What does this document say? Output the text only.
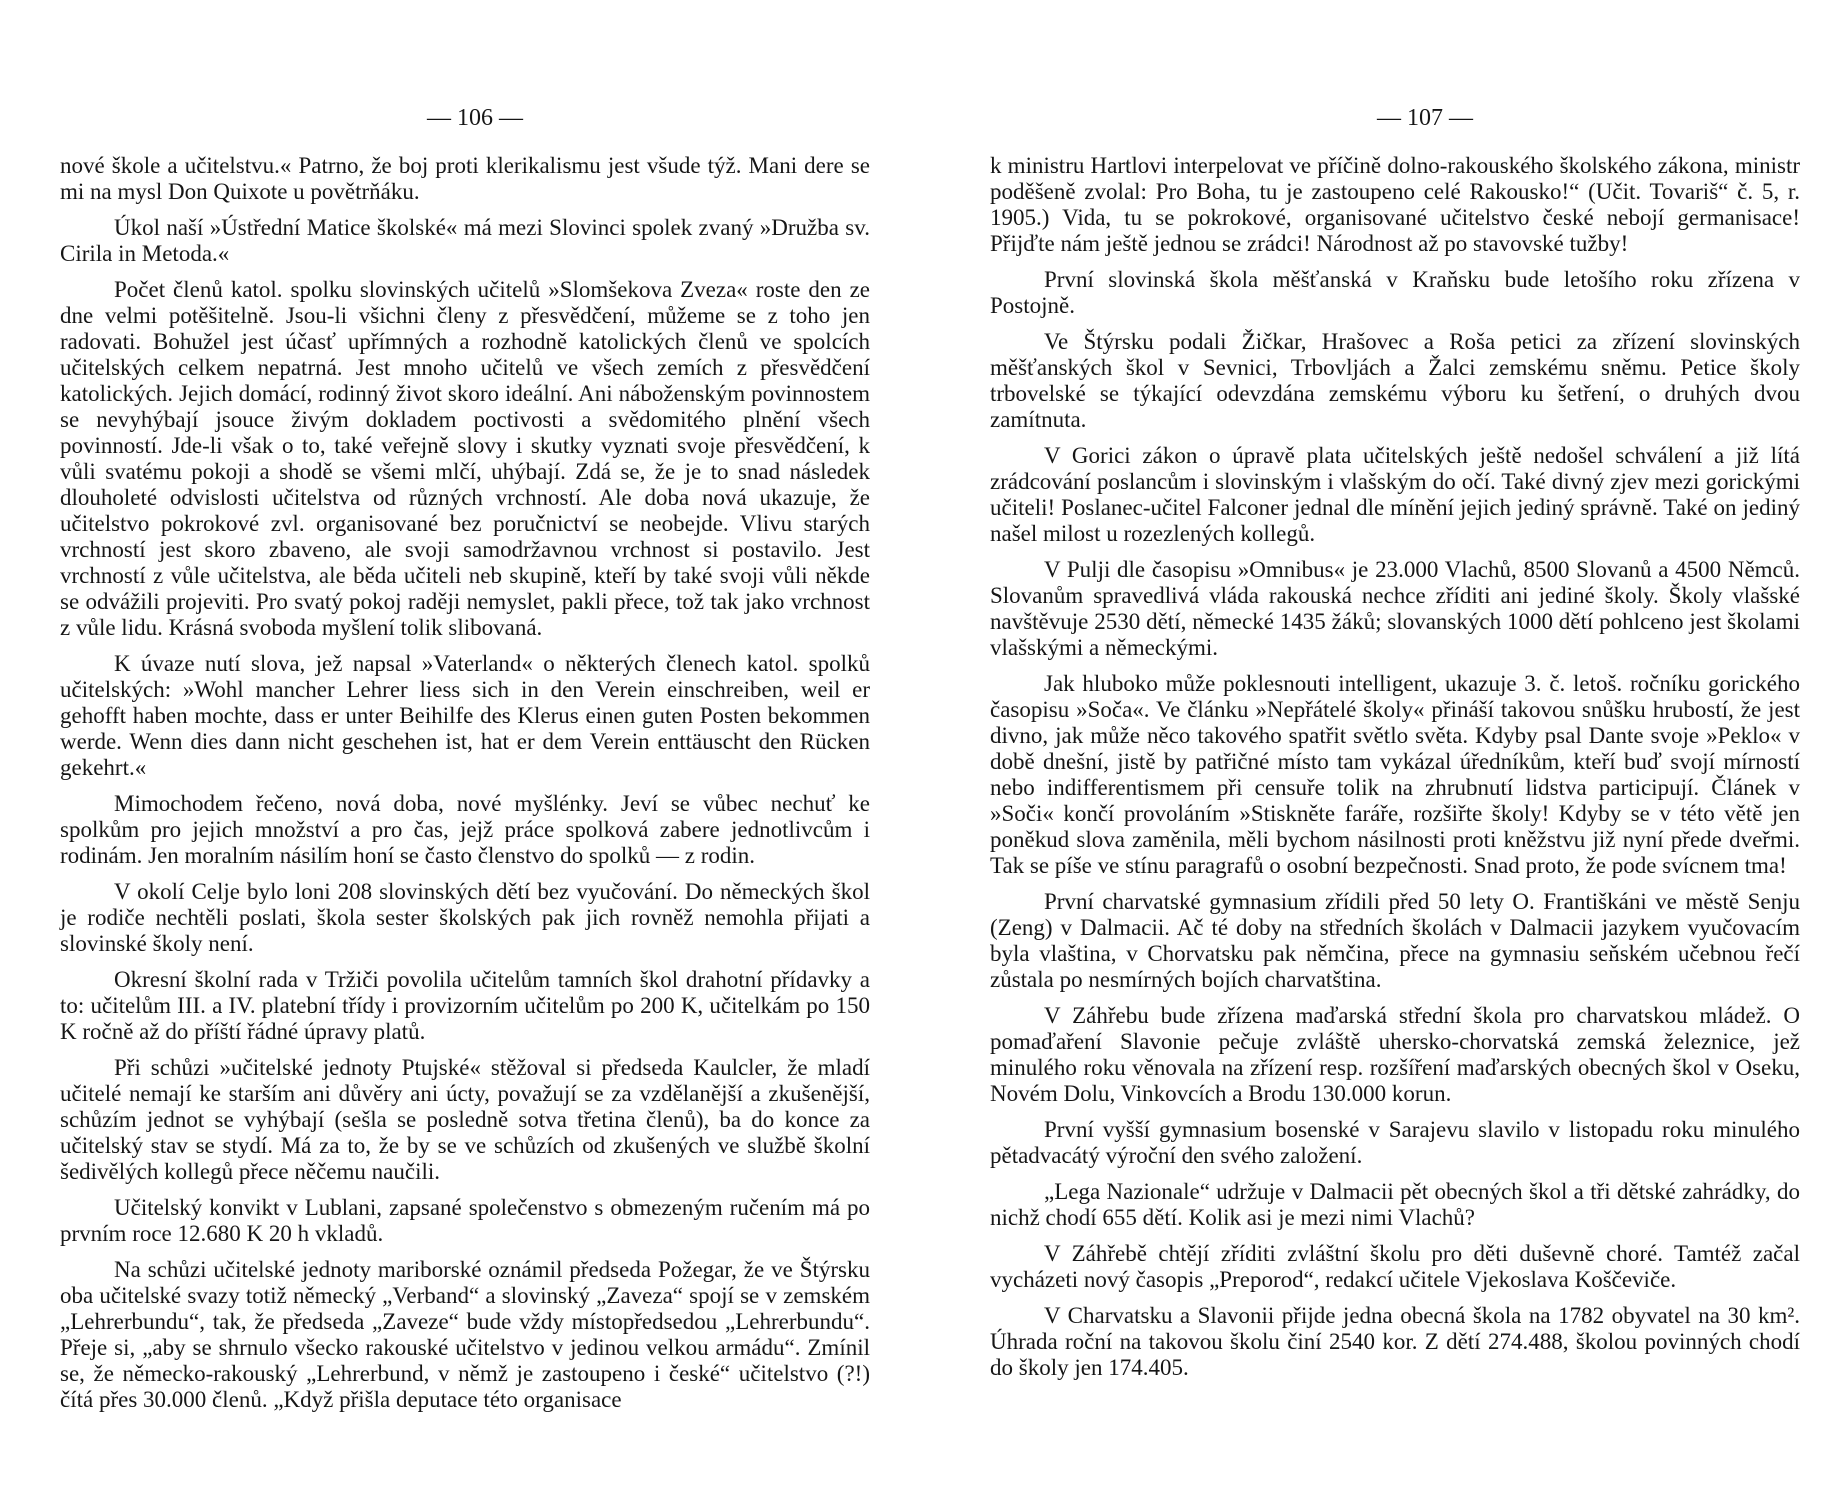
— 106 —

nové škole a učitelstvu.« Patrno, že boj proti klerikalismu jest všude týž. Mani dere se mi na mysl Don Quixote u povětrňáku.

Úkol naší »Ústřední Matice školské« má mezi Slovinci spolek zvaný »Družba sv. Cirila in Metoda.«

Počet členů katol. spolku slovinských učitelů »Slomšekova Zveza« roste den ze dne velmi potěšitelně. Jsou-li všichni členy z přesvědčení, můžeme se z toho jen radovati. Bohužel jest účasť upřímných a rozhodně katolických členů ve spolcích učitelských celkem nepatrná. Jest mnoho učitelů ve všech zemích z přesvědčení katolických. Jejich domácí, rodinný život skoro ideální. Ani náboženským povinnostem se nevyhýbají jsouce živým dokladem poctivosti a svědomitého plnění všech povinností. Jde-li však o to, také veřejně slovy i skutky vyznati svoje přesvědčení, k vůli svatému pokoji a shodě se všemi mlčí, uhýbají. Zdá se, že je to snad následek dlouholeté odvislosti učitelstva od různých vrchností. Ale doba nová ukazuje, že učitelstvo pokrokové zvl. organisované bez poručnictví se neobejde. Vlivu starých vrchností jest skoro zbaveno, ale svoji samodržavnou vrchnost si postavilo. Jest vrchností z vůle učitelstva, ale běda učiteli neb skupině, kteří by také svoji vůli někde se odvážili projeviti. Pro svatý pokoj raději nemyslet, pakli přece, tož tak jako vrchnost z vůle lidu. Krásná svoboda myšlení tolik slibovaná.

K úvaze nutí slova, jež napsal »Vaterland« o některých členech katol. spolků učitelských: »Wohl mancher Lehrer liess sich in den Verein einschreiben, weil er gehofft haben mochte, dass er unter Beihilfe des Klerus einen guten Posten bekommen werde. Wenn dies dann nicht geschehen ist, hat er dem Verein enttäuscht den Rücken gekehrt.«

Mimochodem řečeno, nová doba, nové myšlénky. Jeví se vůbec nechuť ke spolkům pro jejich množství a pro čas, jejž práce spolková zabere jednotlivcům i rodinám. Jen moralním násilím honí se často členstvo do spolků — z rodin.

V okolí Celje bylo loni 208 slovinských dětí bez vyučování. Do německých škol je rodiče nechtěli poslati, škola sester školských pak jich rovněž nemohla přijati a slovinské školy není.

Okresní školní rada v Tržiči povolila učitelům tamních škol drahotní přídavky a to: učitelům III. a IV. platební třídy i provizorním učitelům po 200 K, učitelkám po 150 K ročně až do příští řádné úpravy platů.

Při schůzi »učitelské jednoty Ptujské« stěžoval si předseda Kaulcler, že mladí učitelé nemají ke starším ani důvěry ani úcty, považují se za vzdělanější a zkušenější, schůzím jednot se vyhýbají (sešla se posledně sotva třetina členů), ba do konce za učitelský stav se stydí. Má za to, že by se ve schůzích od zkušených ve službě školní šedivělých kollegů přece něčemu naučili.

Učitelský konvikt v Lublani, zapsané společenstvo s obmezeným ručením má po prvním roce 12.680 K 20 h vkladů.

Na schůzi učitelské jednoty mariborské oznámil předseda Požegar, že ve Štýrsku oba učitelské svazy totiž německý „Verband“ a slovinský „Zaveza“ spojí se v zemském „Lehrerbundu“, tak, že předseda „Zaveze“ bude vždy místopředsedou „Lehrerbundu“. Přeje si, „aby se shrnulo všecko rakouské učitelstvo v jedinou velkou armádu“. Zmínil se, že německo-rakouský „Lehrerbund, v němž je zastoupeno i české“ učitelstvo (?!) čítá přes 30.000 členů. „Když přišla deputace této organisace

— 107 —

k ministru Hartlovi interpelovat ve příčině dolno-rakouského školského zákona, ministr poděšeně zvolal: Pro Boha, tu je zastoupeno celé Rakousko!“ (Učit. Tovariš“ č. 5, r. 1905.) Vida, tu se pokrokové, organisované učitelstvo české nebojí germanisace! Přijďte nám ještě jednou se zrádci! Národnost až po stavovské tužby!

První slovinská škola měšťanská v Kraňsku bude letošího roku zřízena v Postojně.

Ve Štýrsku podali Žičkar, Hrašovec a Roša petici za zřízení slovinských měšťanských škol v Sevnici, Trbovljách a Žalci zemskému sněmu. Petice školy trbovelské se týkající odevzdána zemskému výboru ku šetření, o druhých dvou zamítnuta.

V Gorici zákon o úpravě plata učitelských ještě nedošel schválení a již lítá zrádcování poslancům i slovinským i vlašským do očí. Také divný zjev mezi gorickými učiteli! Poslanec-učitel Falconer jednal dle mínění jejich jediný správně. Také on jediný našel milost u rozezlených kollegů.

V Pulji dle časopisu »Omnibus« je 23.000 Vlachů, 8500 Slovanů a 4500 Němců. Slovanům spravedlivá vláda rakouská nechce zříditi ani jediné školy. Školy vlašské navštěvuje 2530 dětí, německé 1435 žáků; slovanských 1000 dětí pohlceno jest školami vlašskými a německými.

Jak hluboko může poklesnouti intelligent, ukazuje 3. č. letoš. ročníku gorického časopisu »Soča«. Ve článku »Nepřátelé školy« přináší takovou snůšku hrubostí, že jest divno, jak může něco takového spatřit světlo světa. Kdyby psal Dante svoje »Peklo« v době dnešní, jistě by patřičné místo tam vykázal úředníkům, kteří buď svojí mírností nebo indifferentismem při censuře tolik na zhrubnutí lidstva participují. Článek v »Soči« končí provoláním »Stiskněte faráře, rozšiřte školy! Kdyby se v této větě jen poněkud slova zaměnila, měli bychom násilnosti proti kněžstvu již nyní přede dveřmi. Tak se píše ve stínu paragrafů o osobní bezpečnosti. Snad proto, že pode svícnem tma!

První charvatské gymnasium zřídili před 50 lety O. Františkáni ve městě Senju (Zeng) v Dalmacii. Ač té doby na středních školách v Dalmacii jazykem vyučovacím byla vlaština, v Chorvatsku pak němčina, přece na gymnasiu seňském učebnou řečí zůstala po nesmírných bojích charvatština.

V Záhřebu bude zřízena maďarská střední škola pro charvatskou mládež. O pomaďaření Slavonie pečuje zvláště uhersko-chorvatská zemská železnice, jež minulého roku věnovala na zřízení resp. rozšíření maďarských obecných škol v Oseku, Novém Dolu, Vinkovcích a Brodu 130.000 korun.

První vyšší gymnasium bosenské v Sarajevu slavilo v listopadu roku minulého pětadvacátý výroční den svého založení.

„Lega Nazionale“ udržuje v Dalmacii pět obecných škol a tři dětské zahrádky, do nichž chodí 655 dětí. Kolik asi je mezi nimi Vlachů?

V Záhřebě chtějí zříditi zvláštní školu pro děti duševně choré. Tamtéž začal vycházeti nový časopis „Preporod“, redakcí učitele Vjekoslava Koščeviče.

V Charvatsku a Slavonii přijde jedna obecná škola na 1782 obyvatel na 30 km². Úhrada roční na takovou školu činí 2540 kor. Z dětí 274.488, školou povinných chodí do školy jen 174.405.
